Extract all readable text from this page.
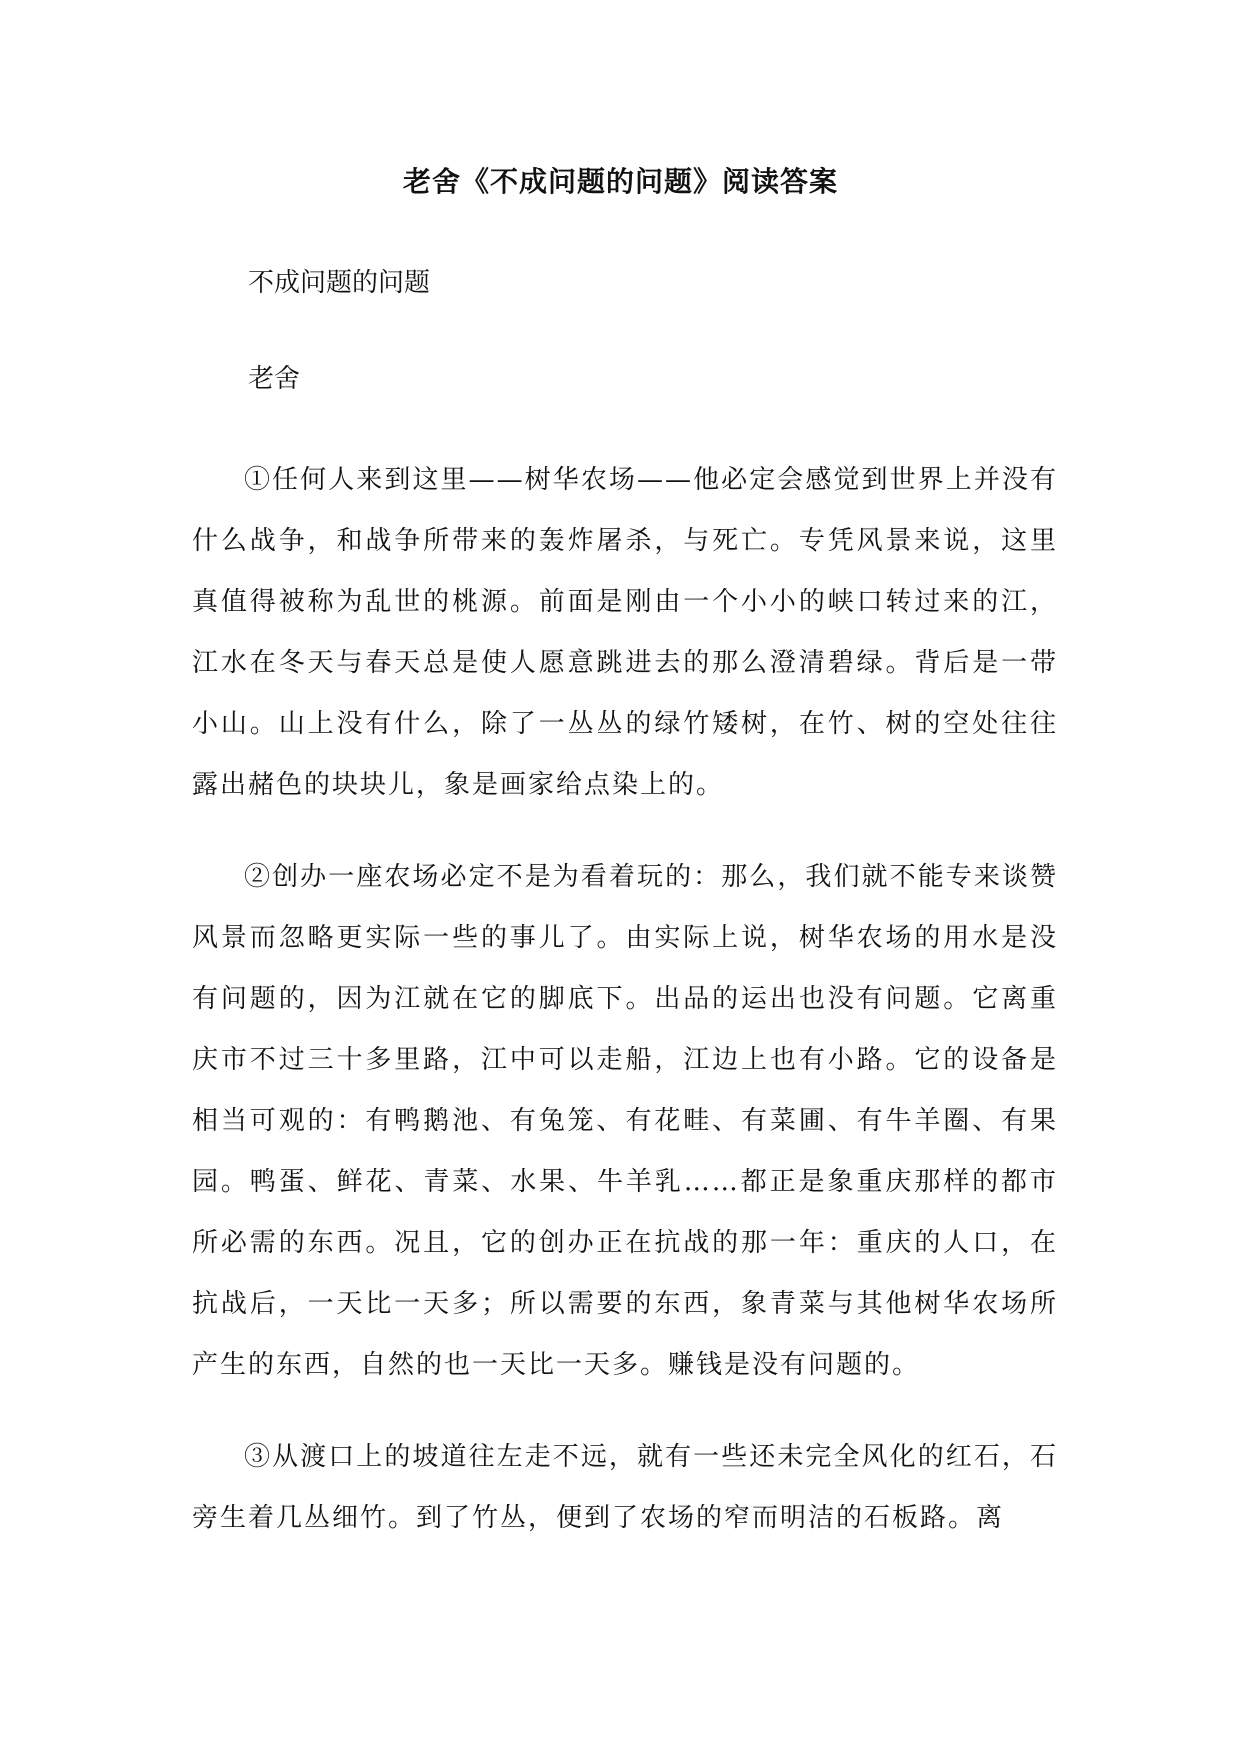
老舍《不成问题的问题》阅读答案

不成问题的问题

老舍

①任何人来到这里——树华农场——他必定会感觉到世界上并没有什么战争，和战争所带来的轰炸屠杀，与死亡。专凭风景来说，这里真值得被称为乱世的桃源。前面是刚由一个小小的峡口转过来的江，江水在冬天与春天总是使人愿意跳进去的那么澄清碧绿。背后是一带小山。山上没有什么，除了一丛丛的绿竹矮树，在竹、树的空处往往露出赭色的块块儿，象是画家给点染上的。

②创办一座农场必定不是为看着玩的：那么，我们就不能专来谈赞风景而忽略更实际一些的事儿了。由实际上说，树华农场的用水是没有问题的，因为江就在它的脚底下。出品的运出也没有问题。它离重庆市不过三十多里路，江中可以走船，江边上也有小路。它的设备是相当可观的：有鸭鹅池、有兔笼、有花畦、有菜圃、有牛羊圈、有果园。鸭蛋、鲜花、青菜、水果、牛羊乳……都正是象重庆那样的都市所必需的东西。况且，它的创办正在抗战的那一年：重庆的人口，在抗战后，一天比一天多；所以需要的东西，象青菜与其他树华农场所产生的东西，自然的也一天比一天多。赚钱是没有问题的。

③从渡口上的坡道往左走不远，就有一些还未完全风化的红石，石旁生着几丛细竹。到了竹丛，便到了农场的窄而明洁的石板路。离
